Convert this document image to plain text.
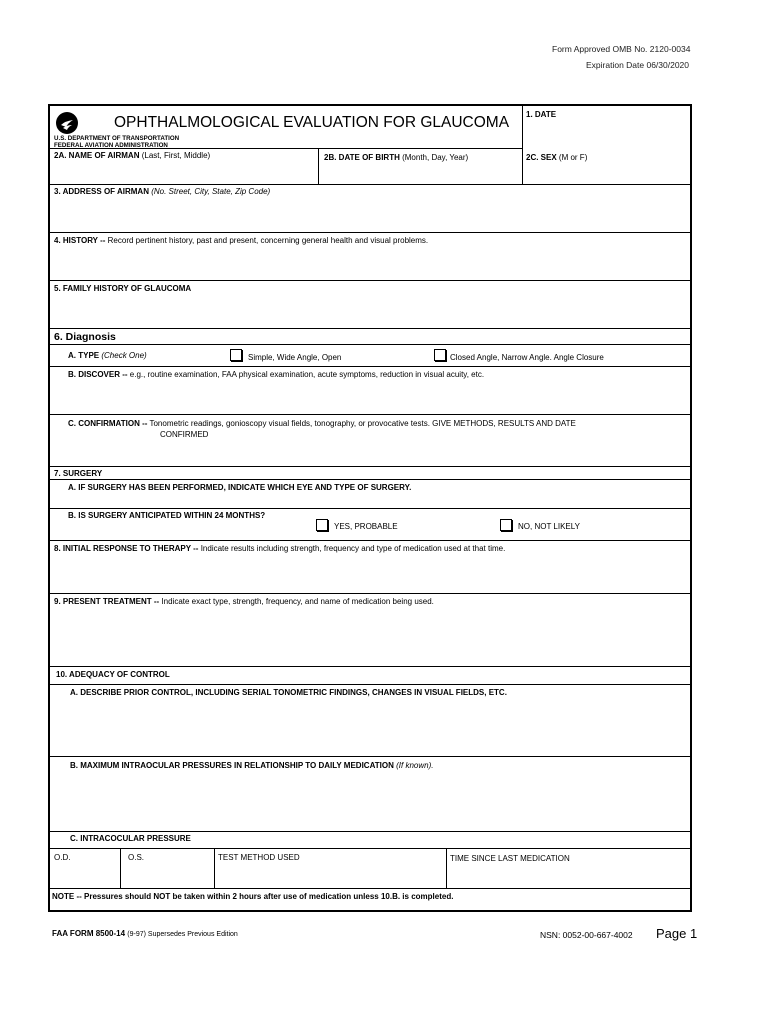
Form Approved OMB No. 2120-0034
Expiration Date 06/30/2020
OPHTHALMOLOGICAL EVALUATION FOR GLAUCOMA
U.S. DEPARTMENT OF TRANSPORTATION
FEDERAL AVIATION ADMINISTRATION
1. DATE
2A. NAME OF AIRMAN (Last, First, Middle)	2B. DATE OF BIRTH (Month, Day, Year)	2C. SEX (M or F)
3. ADDRESS OF AIRMAN (No. Street, City, State, Zip Code)
4. HISTORY -- Record pertinent history, past and present, concerning general health and visual problems.
5. FAMILY HISTORY OF GLAUCOMA
6. Diagnosis
A. TYPE (Check One)	Simple, Wide Angle, Open	Closed Angle, Narrow Angle. Angle Closure
B. DISCOVER -- e.g., routine examination, FAA physical examination, acute symptoms, reduction in visual acuity, etc.
C. CONFIRMATION -- Tonometric readings, gonioscopy visual fields, tonography, or provocative tests. GIVE METHODS, RESULTS AND DATE
CONFIRMED
7. SURGERY
A. IF SURGERY HAS BEEN PERFORMED, INDICATE WHICH EYE AND TYPE OF SURGERY.
B. IS SURGERY ANTICIPATED WITHIN 24 MONTHS?
YES, PROBABLE	NO, NOT LIKELY
8. INITIAL RESPONSE TO THERAPY -- Indicate results including strength, frequency and type of medication used at that time.
9. PRESENT TREATMENT -- Indicate exact type, strength, frequency, and name of medication being used.
10. ADEQUACY OF CONTROL
A. DESCRIBE PRIOR CONTROL, INCLUDING SERIAL TONOMETRIC FINDINGS, CHANGES IN VISUAL FIELDS, ETC.
B. MAXIMUM INTRAOCULAR PRESSURES IN RELATIONSHIP TO DAILY MEDICATION (If known).
C. INTRACOCULAR PRESSURE
O.D.	O.S.	TEST METHOD USED	TIME SINCE LAST MEDICATION
NOTE -- Pressures should NOT be taken within 2 hours after use of medication unless 10.B. is completed.
FAA FORM 8500-14 (9-97) Supersedes Previous Edition	NSN: 0052-00-667-4002 Page 1
